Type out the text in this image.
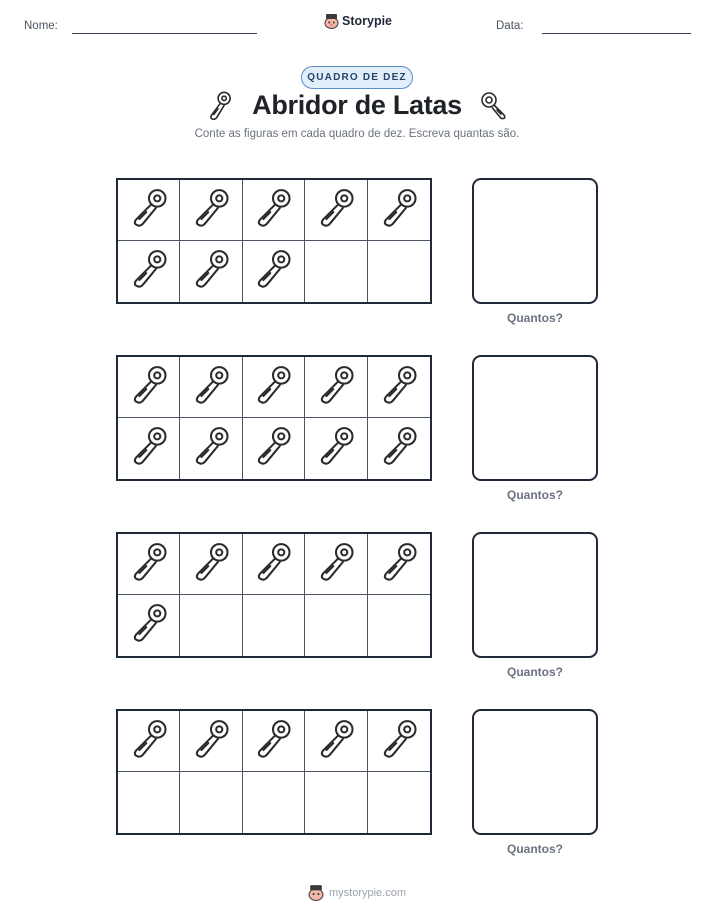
Nome:	Storypie	Data:
QUADRO DE DEZ
Abridor de Latas

Conte as figuras em cada quadro de dez. Escreva quantas são.

Quantos?
Quantos?
Quantos?
Quantos?
mystorypie.com
